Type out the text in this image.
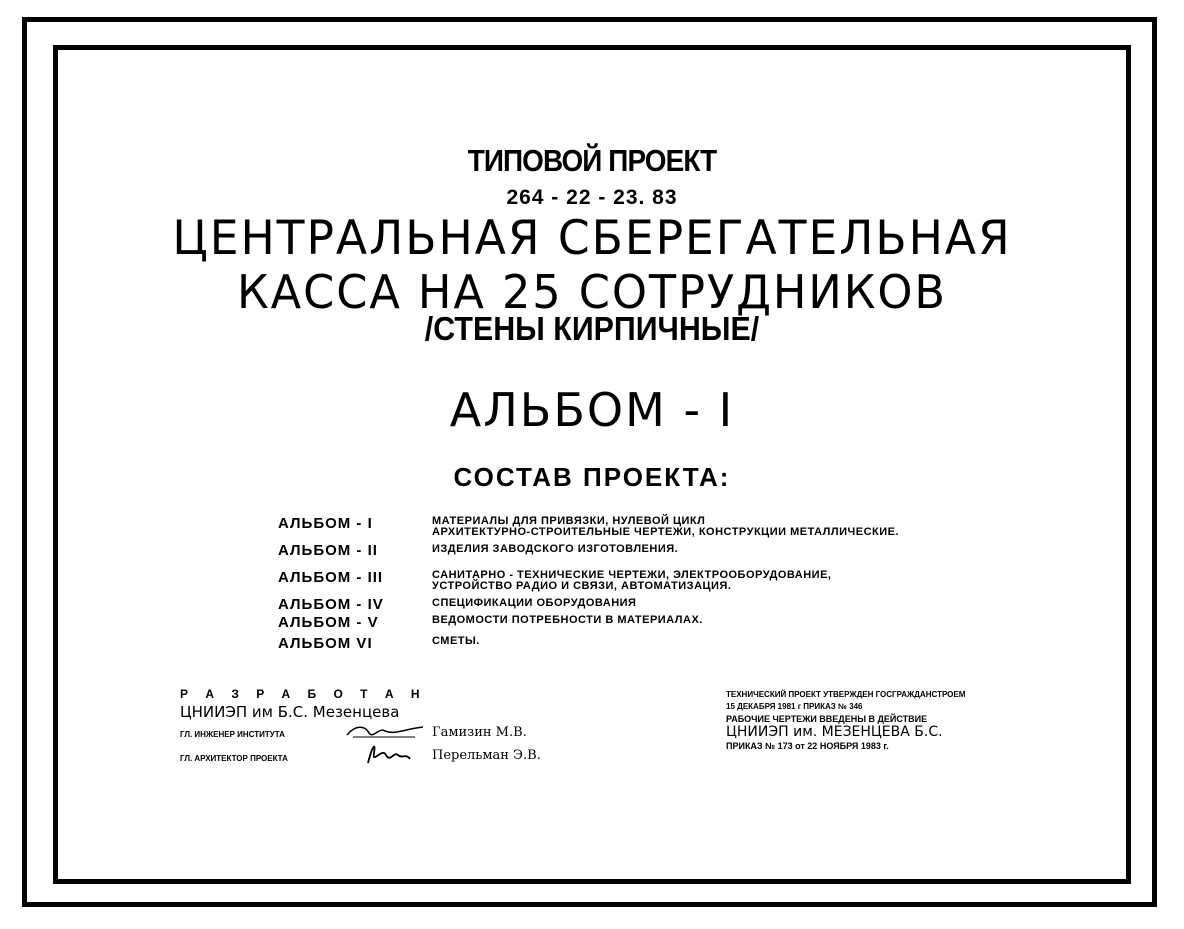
ТИПОВОЙ ПРОЕКТ
264 - 22 - 23. 83
ЦЕНТРАЛЬНАЯ СБЕРЕГАТЕЛЬНАЯ
КАССА НА 25 СОТРУДНИКОВ
/СТЕНЫ КИРПИЧНЫЕ/
АЛЬБОМ - I
СОСТАВ ПРОЕКТА:
АЛЬБОМ - I	МАТЕРИАЛЫ ДЛЯ ПРИВЯЗКИ, НУЛЕВОЙ ЦИКЛ
АРХИТЕКТУРНО-СТРОИТЕЛЬНЫЕ ЧЕРТЕЖИ, КОНСТРУКЦИИ МЕТАЛЛИЧЕСКИЕ.
АЛЬБОМ - II	ИЗДЕЛИЯ ЗАВОДСКОГО ИЗГОТОВЛЕНИЯ.
АЛЬБОМ - III	САНИТАРНО - ТЕХНИЧЕСКИЕ ЧЕРТЕЖИ, ЭЛЕКТРООБОРУДОВАНИЕ,
УСТРОЙСТВО РАДИО И СВЯЗИ, АВТОМАТИЗАЦИЯ.
АЛЬБОМ - IV	СПЕЦИФИКАЦИИ ОБОРУДОВАНИЯ
АЛЬБОМ - V	ВЕДОМОСТИ ПОТРЕБНОСТИ В МАТЕРИАЛАХ.
АЛЬБОМ VI	СМЕТЫ.
Р А З Р А Б О Т А Н
ЦНИИЭП им Б.С. Мезенцева
ГЛ. ИНЖЕНЕР ИНСТИТУТА	Гамизин М.В.
ГЛ. АРХИТЕКТОР ПРОЕКТА	Перельман Э.В.
ТЕХНИЧЕСКИЙ ПРОЕКТ УТВЕРЖДЕН ГОСГРАЖДАНСТРОЕМ
15 ДЕКАБРЯ 1981 г ПРИКАЗ № 346
РАБОЧИЕ ЧЕРТЕЖИ ВВЕДЕНЫ В ДЕЙСТВИЕ
ЦНИИЭП им. МЕЗЕНЦЕВА Б.С.
ПРИКАЗ № 173 от 22 НОЯБРЯ 1983 г.
